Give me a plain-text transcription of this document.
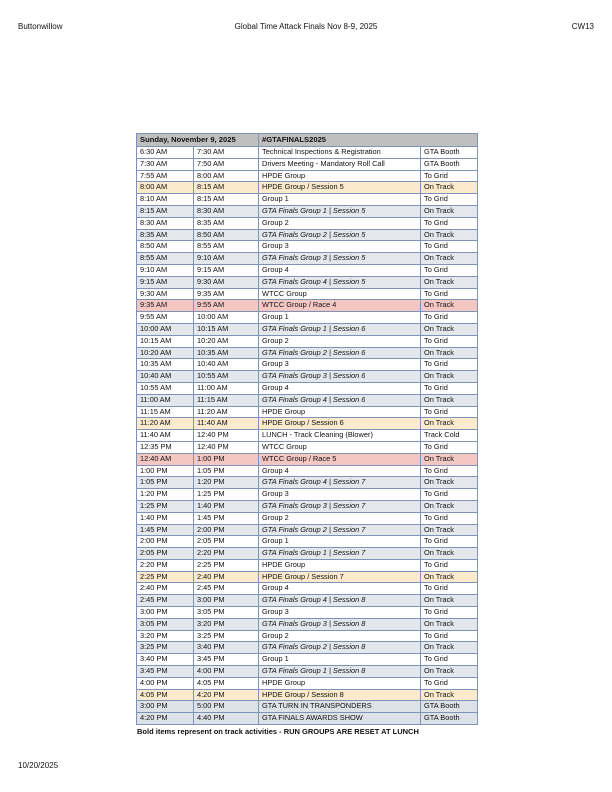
Buttonwillow	Global Time Attack Finals Nov 8-9, 2025	CW13
Sunday, November 9, 2025		#GTAFINALS2025	
6:30 AM	7:30 AM	Technical Inspections & Registration	GTA Booth
7:30 AM	7:50 AM	Drivers Meeting - Mandatory Roll Call	GTA Booth
7:55 AM	8:00 AM	HPDE Group	To Grid
8:00 AM	8:15 AM	HPDE Group / Session 5	On Track
8:10 AM	8:15 AM	Group 1	To Grid
8:15 AM	8:30 AM	GTA Finals Group 1 | Session 5	On Track
8:30 AM	8:35 AM	Group 2	To Grid
8:35 AM	8:50 AM	GTA Finals Group 2 | Session 5	On Track
8:50 AM	8:55 AM	Group 3	To Grid
8:55 AM	9:10 AM	GTA Finals Group 3 | Session 5	On Track
9:10 AM	9:15 AM	Group 4	To Grid
9:15 AM	9:30 AM	GTA Finals Group 4 | Session 5	On Track
9:30 AM	9:35 AM	WTCC Group	To Grid
9:35 AM	9:55 AM	WTCC Group / Race 4	On Track
9:55 AM	10:00 AM	Group 1	To Grid
10:00 AM	10:15 AM	GTA Finals Group 1 | Session 6	On Track
10:15 AM	10:20 AM	Group 2	To Grid
10:20 AM	10:35 AM	GTA Finals Group 2 | Session 6	On Track
10:35 AM	10:40 AM	Group 3	To Grid
10:40 AM	10:55 AM	GTA Finals Group 3 | Session 6	On Track
10:55 AM	11:00 AM	Group 4	To Grid
11:00 AM	11:15 AM	GTA Finals Group 4 | Session 6	On Track
11:15 AM	11:20 AM	HPDE Group	To Grid
11:20 AM	11:40 AM	HPDE Group / Session 6	On Track
11:40 AM	12:40 PM	LUNCH - Track Cleaning (Blower)	Track Cold
12:35 PM	12:40 PM	WTCC Group	To Grid
12:40 AM	1:00 PM	WTCC Group / Race 5	On Track
1:00 PM	1:05 PM	Group 4	To Grid
1:05 PM	1:20 PM	GTA Finals Group 4 | Session 7	On Track
1:20 PM	1:25 PM	Group 3	To Grid
1:25 PM	1:40 PM	GTA Finals Group 3 | Session 7	On Track
1:40 PM	1:45 PM	Group 2	To Grid
1:45 PM	2:00 PM	GTA Finals Group 2 | Session 7	On Track
2:00 PM	2:05 PM	Group 1	To Grid
2:05 PM	2:20 PM	GTA Finals Group 1 | Session 7	On Track
2:20 PM	2:25 PM	HPDE Group	To Grid
2:25 PM	2:40 PM	HPDE Group / Session 7	On Track
2:40 PM	2:45 PM	Group 4	To Grid
2:45 PM	3:00 PM	GTA Finals Group 4 | Session 8	On Track
3:00 PM	3:05 PM	Group 3	To Grid
3:05 PM	3:20 PM	GTA Finals Group 3 | Session 8	On Track
3:20 PM	3:25 PM	Group 2	To Grid
3:25 PM	3:40 PM	GTA Finals Group 2 | Session 8	On Track
3:40 PM	3:45 PM	Group 1	To Grid
3:45 PM	4:00 PM	GTA Finals Group 1 | Session 8	On Track
4:00 PM	4:05 PM	HPDE Group	To Grid
4:05 PM	4:20 PM	HPDE Group / Session 8	On Track
3:00 PM	5:00 PM	GTA TURN IN TRANSPONDERS	GTA Booth
4:20 PM	4:40 PM	GTA FINALS AWARDS SHOW	GTA Booth
Bold items represent on track activities - RUN GROUPS ARE RESET AT LUNCH
10/20/2025
